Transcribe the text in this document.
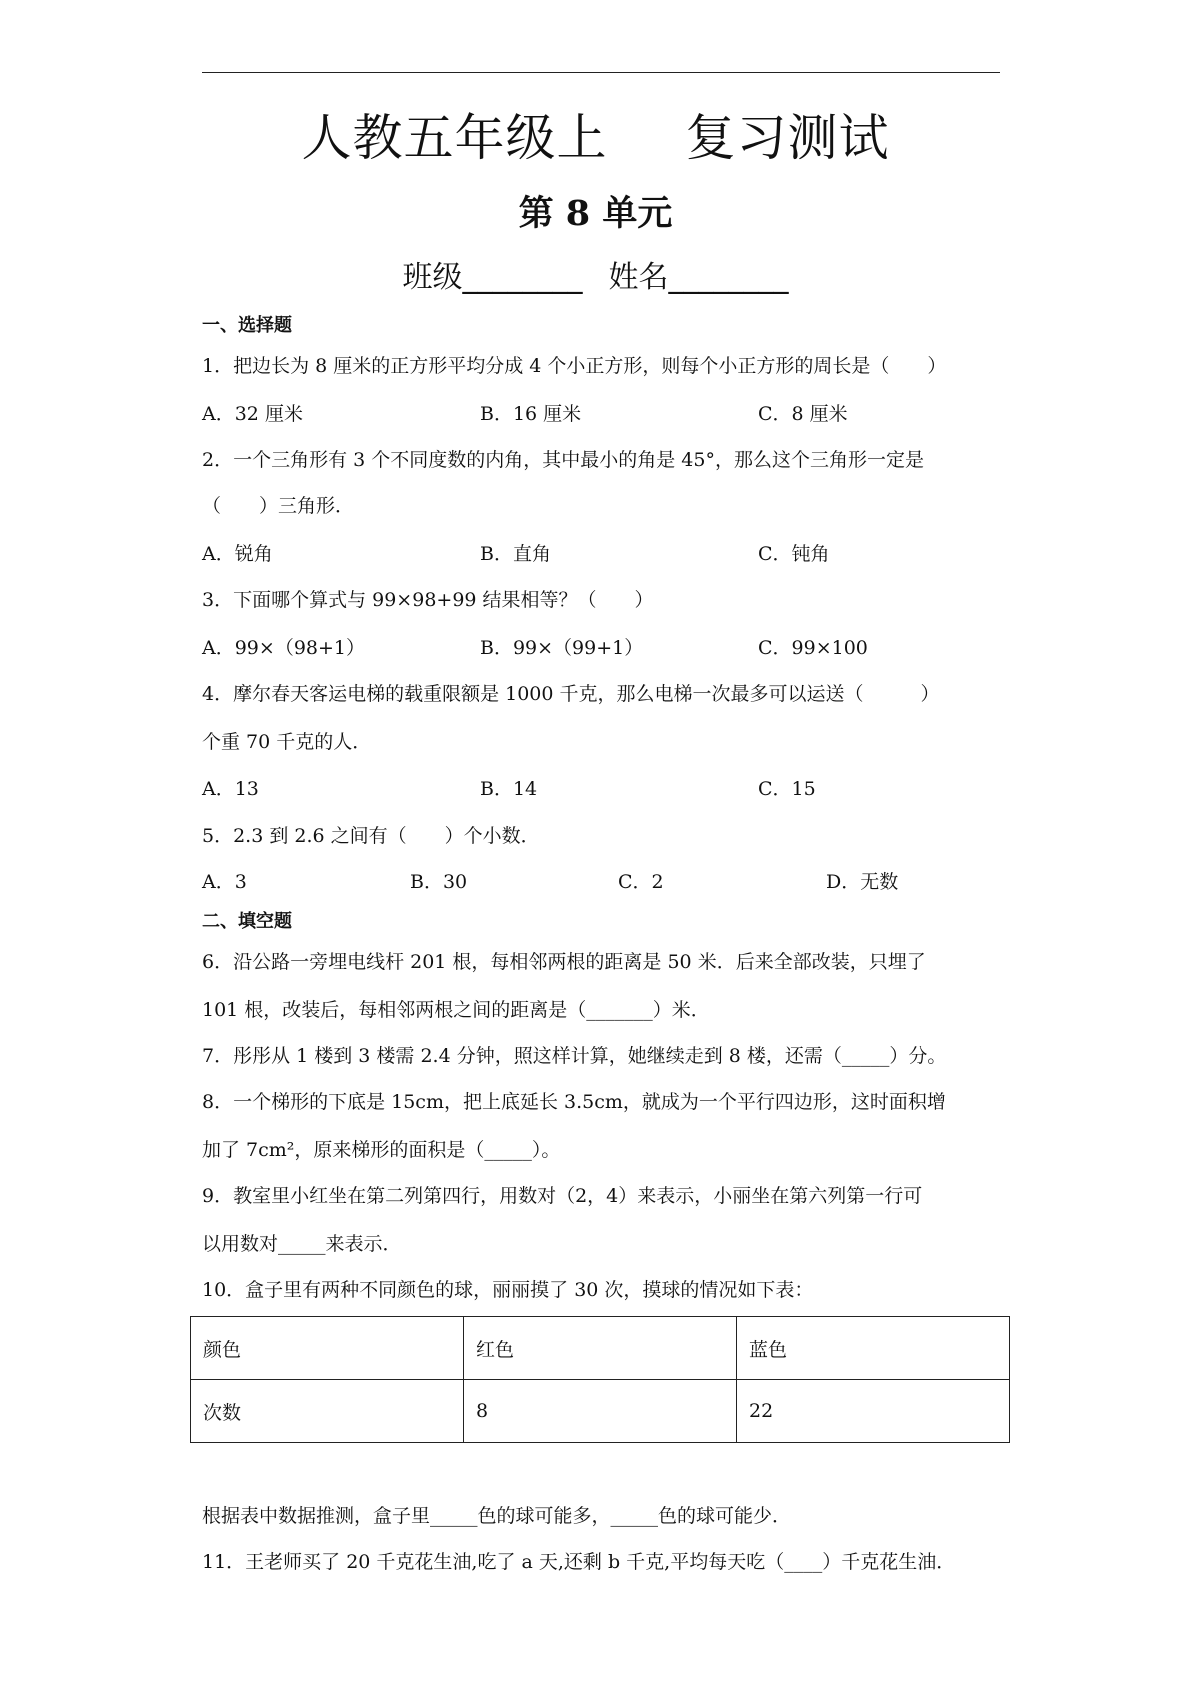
人教五年级上 复习测试
第 8 单元
班级________ 姓名________
一、选择题
1．把边长为 8 厘米的正方形平均分成 4 个小正方形，则每个小正方形的周长是（　　）
A．32 厘米	B．16 厘米	C．8 厘米
2．一个三角形有 3 个不同度数的内角，其中最小的角是 45°，那么这个三角形一定是
（　　）三角形．
A．锐角	B．直角	C．钝角
3．下面哪个算式与 99×98+99 结果相等？（　　）
A．99×（98+1）	B．99×（99+1）	C．99×100
4．摩尔春天客运电梯的载重限额是 1000 千克，那么电梯一次最多可以运送（　　　）
个重 70 千克的人．
A．13	B．14	C．15
5．2.3 到 2.6 之间有（　　）个小数．
A．3	B．30	C．2	D．无数
二、填空题
6．沿公路一旁埋电线杆 201 根，每相邻两根的距离是 50 米．后来全部改装，只埋了
101 根，改装后，每相邻两根之间的距离是（_______）米．
7．彤彤从 1 楼到 3 楼需 2.4 分钟，照这样计算，她继续走到 8 楼，还需（_____）分。
8．一个梯形的下底是 15cm，把上底延长 3.5cm，就成为一个平行四边形，这时面积增
加了 7cm²，原来梯形的面积是（_____）。
9．教室里小红坐在第二列第四行，用数对（2，4）来表示，小丽坐在第六列第一行可
以用数对_____来表示．
10．盒子里有两种不同颜色的球，丽丽摸了 30 次，摸球的情况如下表：
颜色	红色	蓝色
次数	8	22
根据表中数据推测，盒子里_____色的球可能多，_____色的球可能少．
11．王老师买了 20 千克花生油,吃了 a 天,还剩 b 千克,平均每天吃（____）千克花生油．
